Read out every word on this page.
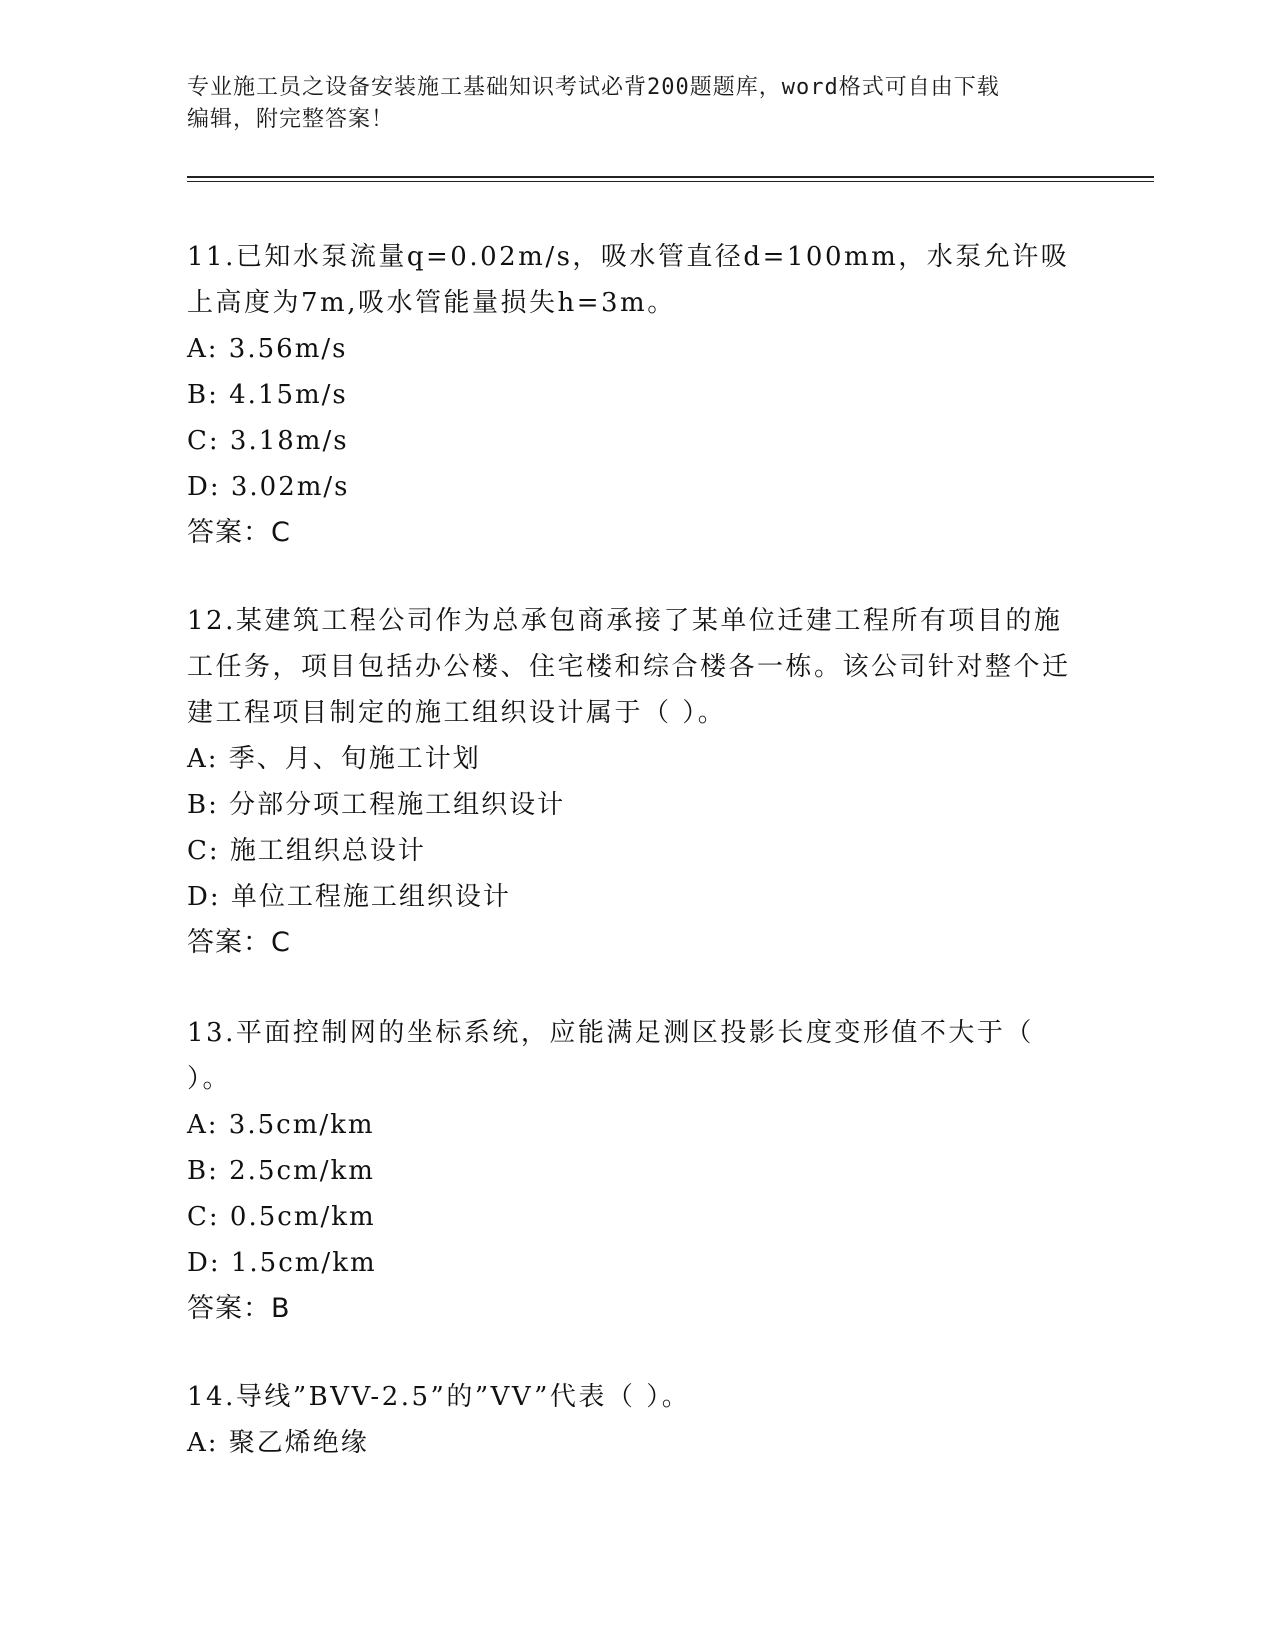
专业施工员之设备安装施工基础知识考试必背200题题库，word格式可自由下载
编辑，附完整答案！

11.已知水泵流量q=0.02m/s，吸水管直径d=100mm，水泵允许吸上高度为7m,吸水管能量损失h=3m。

A: 3.56m/s

B: 4.15m/s

C: 3.18m/s

D: 3.02m/s

答案：C

12.某建筑工程公司作为总承包商承接了某单位迁建工程所有项目的施工任务，项目包括办公楼、住宅楼和综合楼各一栋。该公司针对整个迁建工程项目制定的施工组织设计属于（ ）。

A: 季、月、旬施工计划

B: 分部分项工程施工组织设计

C: 施工组织总设计

D: 单位工程施工组织设计

答案：C

13.平面控制网的坐标系统，应能满足测区投影长度变形值不大于（ ）。

A: 3.5cm/km

B: 2.5cm/km

C: 0.5cm/km

D: 1.5cm/km

答案：B

14.导线”BVV-2.5”的”VV”代表（ ）。

A: 聚乙烯绝缘
